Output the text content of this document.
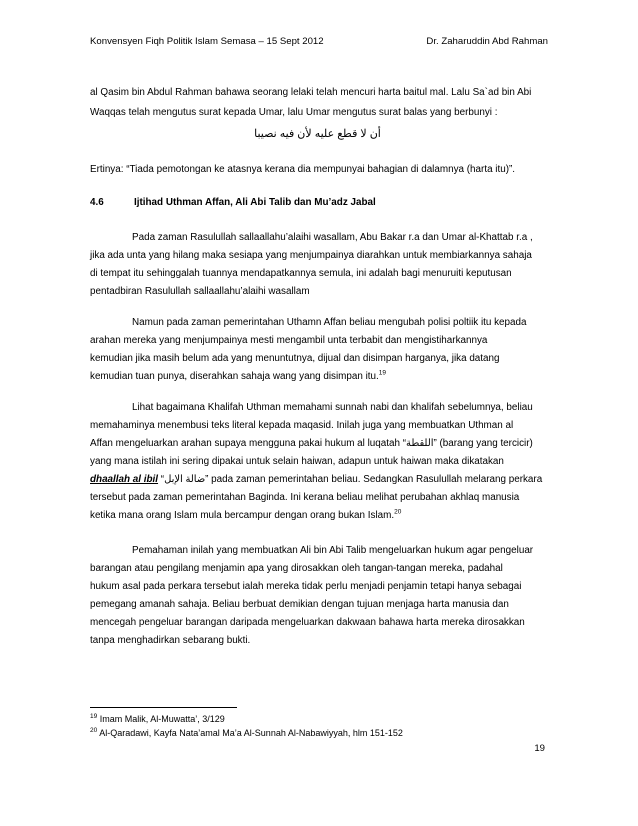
Konvensyen Fiqh Politik Islam Semasa – 15 Sept 2012	Dr. Zaharuddin Abd Rahman
al Qasim bin Abdul Rahman bahawa seorang lelaki telah mencuri harta baitul mal. Lalu Sa`ad bin Abi
Waqqas telah mengutus surat kepada Umar, lalu Umar mengutus surat balas yang berbunyi :
أن لا قطع عليه لأن فيه نصيبا
Ertinya: “Tiada pemotongan ke atasnya kerana dia mempunyai bahagian di dalamnya (harta itu)”.
4.6	Ijtihad Uthman Affan, Ali Abi Talib dan Mu’adz Jabal
Pada zaman Rasulullah sallaallahu’alaihi wasallam, Abu Bakar r.a dan Umar al-Khattab r.a ,
jika ada unta yang hilang maka sesiapa yang menjumpainya diarahkan untuk membiarkannya sahaja
di tempat itu sehinggalah tuannya mendapatkannya semula, ini adalah bagi menuruiti keputusan
pentadbiran Rasulullah sallaallahu’alaihi wasallam
Namun pada zaman pemerintahan Uthamn Affan beliau mengubah polisi poltiik itu kepada
arahan mereka yang menjumpainya mesti mengambil unta terbabit dan mengistiharkannya
kemudian jika masih belum ada yang menuntutnya, dijual dan disimpan harganya, jika datang
kemudian tuan punya, diserahkan sahaja wang yang disimpan itu.$^{19}$
Lihat bagaimana Khalifah Uthman memahami sunnah nabi dan khalifah sebelumnya, beliau
memahaminya menembusi teks literal kepada maqasid. Inilah juga yang membuatkan Uthman al
Affan mengeluarkan arahan supaya mengguna pakai hukum al luqatah “اللقطة” (barang yang tercicir)
yang mana istilah ini sering dipakai untuk selain haiwan, adapun untuk haiwan maka dikatakan
dhaallah al ibil “ضالة الإبل” pada zaman pemerintahan beliau. Sedangkan Rasulullah melarang perkara
tersebut pada zaman pemerintahan Baginda. Ini kerana beliau melihat perubahan akhlaq manusia
ketika mana orang Islam mula bercampur dengan orang bukan Islam.$^{20}$
Pemahaman inilah yang membuatkan Ali bin Abi Talib mengeluarkan hukum agar pengeluar
barangan atau pengilang menjamin apa yang dirosakkan oleh tangan-tangan mereka, padahal
hukum asal pada perkara tersebut ialah mereka tidak perlu menjadi penjamin tetapi hanya sebagai
pemegang amanah sahaja. Beliau berbuat demikian dengan tujuan menjaga harta manusia dan
mencegah pengeluar barangan daripada mengeluarkan dakwaan bahawa harta mereka dirosakkan
tanpa menghadirkan sebarang bukti.
$^{19}$ Imam Malik, Al-Muwatta’, 3/129
$^{20}$ Al-Qaradawi, Kayfa Nata’amal Ma’a Al-Sunnah Al-Nabawiyyah, hlm 151-152
19
